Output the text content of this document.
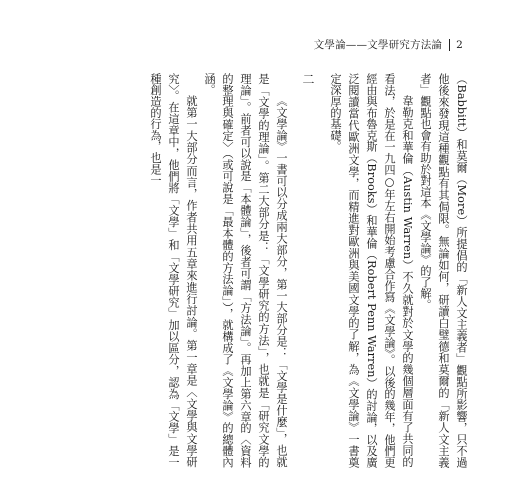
文學論——文學研究方法論 2

（Babbitt）和莫爾（More）所提倡的「新人文主義者」觀點所影響，只不過他後來發現這種觀點有其侷限。無論如何，研讀白璧德和莫爾的「新人文主義者」觀點也會有助於對這本《文學論》的了解。

韋勒克和華倫（Austin Warren）不久就對於文學的幾個層面有了共同的看法，於是在一九四○年左右開始考慮合作寫《文學論》。以後的幾年，他們更經由與布魯克斯（Brooks）和華倫（Robert Penn Warren）的討論，以及廣泛閱讀當代歐洲文學，而精進對歐洲與美國文學的了解，為《文學論》一書奠定深厚的基礎。

二

《文學論》一書可以分成兩大部分，第一大部分是：「文學是什麼」，也就是「文學的理論」。第二大部分是：「文學研究的方法」，也就是「研究文學的理論」。前者可以說是「本體論」，後者可謂「方法論」。再加上第六章的〈資料的整理與確定〉（或可說是「最本體的方法論」），就構成了《文學論》的總體內涵。

就第一大部分而言，作者共用五章來進行討論。第一章是〈文學與文學研究〉。在這章中，他們將「文學」和「文學研究」加以區分，認為「文學」是一種創造的行為，也是一
